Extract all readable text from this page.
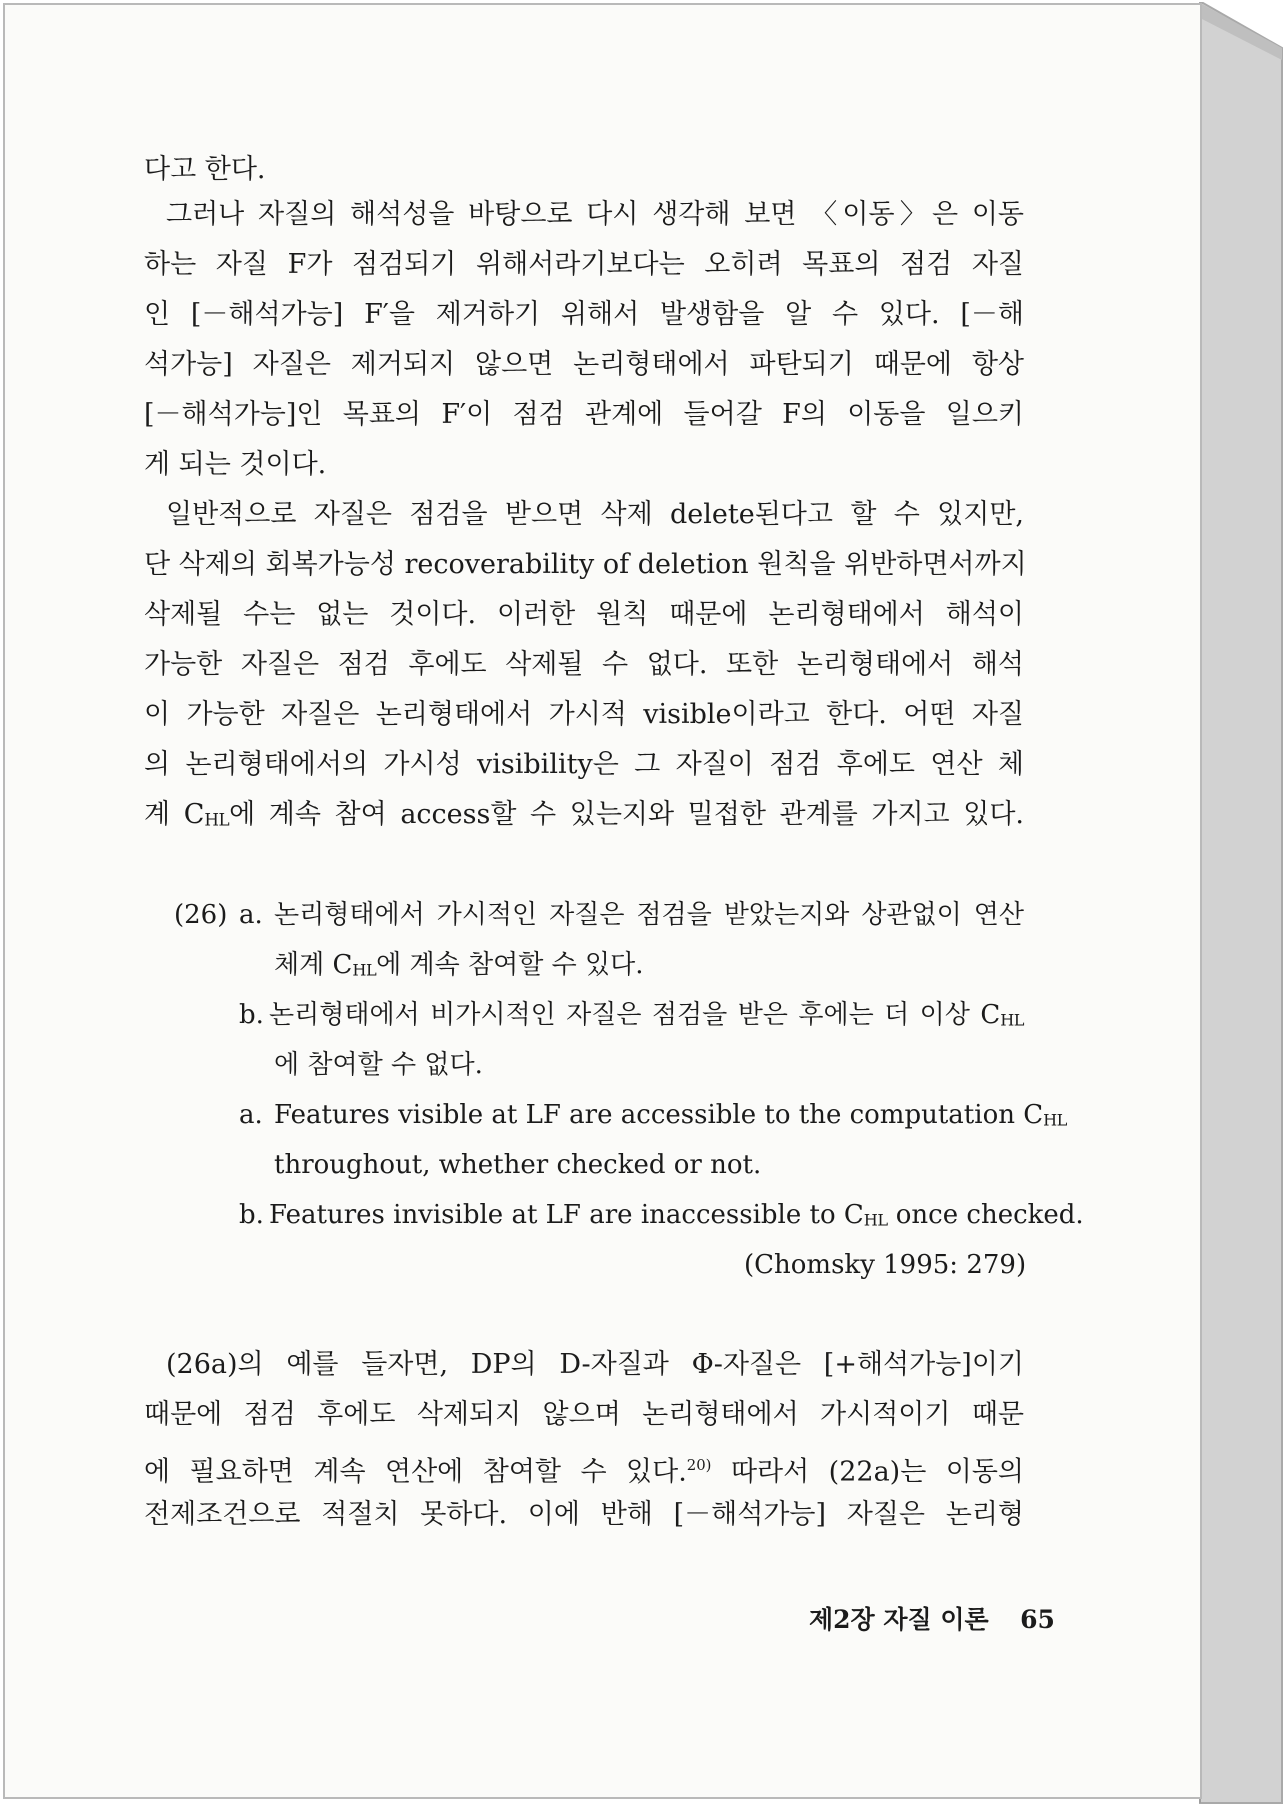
다고 한다.
그러나 자질의 해석성을 바탕으로 다시 생각해 보면 〈이동〉은 이동
하는 자질 F가 점검되기 위해서라기보다는 오히려 목표의 점검 자질
인 [－해석가능] F′을 제거하기 위해서 발생함을 알 수 있다. [－해
석가능] 자질은 제거되지 않으면 논리형태에서 파탄되기 때문에 항상
[－해석가능]인 목표의 F′이 점검 관계에 들어갈 F의 이동을 일으키
게 되는 것이다.
일반적으로 자질은 점검을 받으면 삭제 delete된다고 할 수 있지만,
단 삭제의 회복가능성 recoverability of deletion 원칙을 위반하면서까지
삭제될 수는 없는 것이다. 이러한 원칙 때문에 논리형태에서 해석이
가능한 자질은 점검 후에도 삭제될 수 없다. 또한 논리형태에서 해석
이 가능한 자질은 논리형태에서 가시적 visible이라고 한다. 어떤 자질
의 논리형태에서의 가시성 visibility은 그 자질이 점검 후에도 연산 체
계 CHL에 계속 참여 access할 수 있는지와 밀접한 관계를 가지고 있다.
(26) a. 논리형태에서 가시적인 자질은 점검을 받았는지와 상관없이 연산
체계 CHL에 계속 참여할 수 있다.
b. 논리형태에서 비가시적인 자질은 점검을 받은 후에는 더 이상 CHL
에 참여할 수 없다.
a. Features visible at LF are accessible to the computation CHL
throughout, whether checked or not.
b. Features invisible at LF are inaccessible to CHL once checked.
(Chomsky 1995: 279)
(26a)의 예를 들자면, DP의 D-자질과 Φ-자질은 [+해석가능]이기
때문에 점검 후에도 삭제되지 않으며 논리형태에서 가시적이기 때문
에 필요하면 계속 연산에 참여할 수 있다.$^{20)}$ 따라서 (22a)는 이동의
전제조건으로 적절치 못하다. 이에 반해 [－해석가능] 자질은 논리형
제2장 자질 이론 65
